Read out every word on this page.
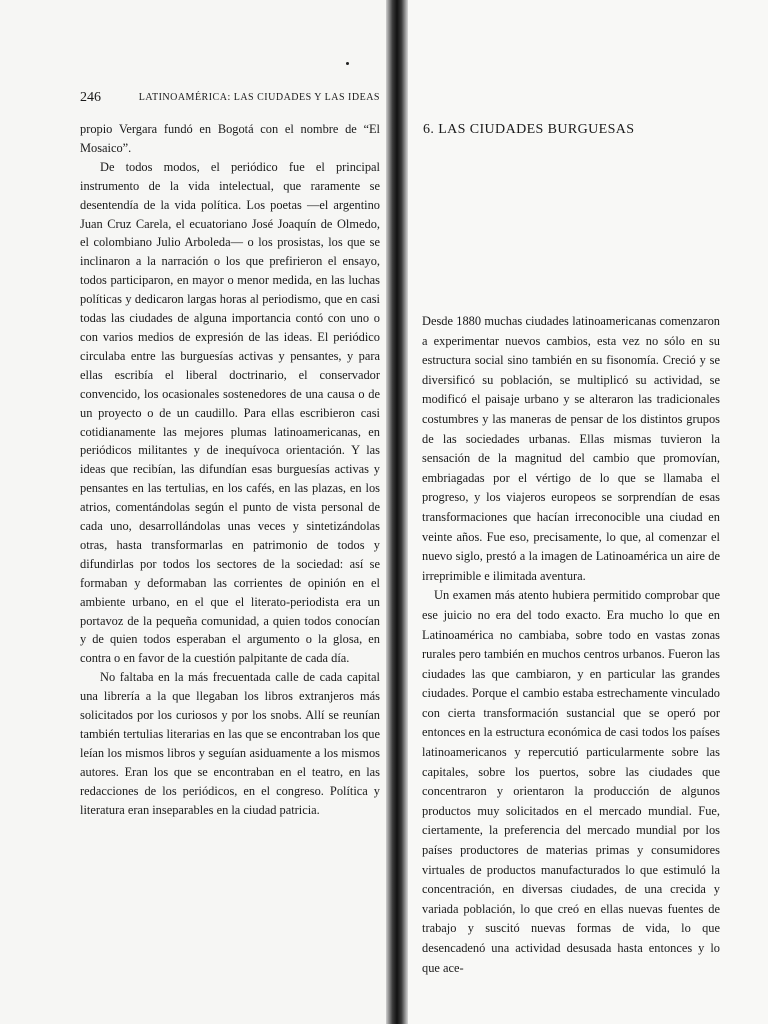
246	LATINOAMÉRICA: LAS CIUDADES Y LAS IDEAS

propio Vergara fundó en Bogotá con el nombre de “El Mosaico”.

De todos modos, el periódico fue el principal instrumento de la vida intelectual, que raramente se desentendía de la vida política. Los poetas —el argentino Juan Cruz Carela, el ecuatoriano José Joaquín de Olmedo, el colombiano Julio Arboleda— o los prosistas, los que se inclinaron a la narración o los que prefirieron el ensayo, todos participaron, en mayor o menor medida, en las luchas políticas y dedicaron largas horas al periodismo, que en casi todas las ciudades de alguna importancia contó con uno o con varios medios de expresión de las ideas. El periódico circulaba entre las burguesías activas y pensantes, y para ellas escribía el liberal doctrinario, el conservador convencido, los ocasionales sostenedores de una causa o de un proyecto o de un caudillo. Para ellas escribieron casi cotidianamente las mejores plumas latinoamericanas, en periódicos militantes y de inequívoca orientación. Y las ideas que recibían, las difundían esas burguesías activas y pensantes en las tertulias, en los cafés, en las plazas, en los atrios, comentándolas según el punto de vista personal de cada uno, desarrollándolas unas veces y sintetizándolas otras, hasta transformarlas en patrimonio de todos y difundirlas por todos los sectores de la sociedad: así se formaban y deformaban las corrientes de opinión en el ambiente urbano, en el que el literato-periodista era un portavoz de la pequeña comunidad, a quien todos conocían y de quien todos esperaban el argumento o la glosa, en contra o en favor de la cuestión palpitante de cada día.

No faltaba en la más frecuentada calle de cada capital una librería a la que llegaban los libros extranjeros más solicitados por los curiosos y por los snobs. Allí se reunían también tertulias literarias en las que se encontraban los que leían los mismos libros y seguían asiduamente a los mismos autores. Eran los que se encontraban en el teatro, en las redacciones de los periódicos, en el congreso. Política y literatura eran inseparables en la ciudad patricia.

6. LAS CIUDADES BURGUESAS

Desde 1880 muchas ciudades latinoamericanas comenzaron a experimentar nuevos cambios, esta vez no sólo en su estructura social sino también en su fisonomía. Creció y se diversificó su población, se multiplicó su actividad, se modificó el paisaje urbano y se alteraron las tradicionales costumbres y las maneras de pensar de los distintos grupos de las sociedades urbanas. Ellas mismas tuvieron la sensación de la magnitud del cambio que promovían, embriagadas por el vértigo de lo que se llamaba el progreso, y los viajeros europeos se sorprendían de esas transformaciones que hacían irreconocible una ciudad en veinte años. Fue eso, precisamente, lo que, al comenzar el nuevo siglo, prestó a la imagen de Latinoamérica un aire de irreprimible e ilimitada aventura.

Un examen más atento hubiera permitido comprobar que ese juicio no era del todo exacto. Era mucho lo que en Latinoamérica no cambiaba, sobre todo en vastas zonas rurales pero también en muchos centros urbanos. Fueron las ciudades las que cambiaron, y en particular las grandes ciudades. Porque el cambio estaba estrechamente vinculado con cierta transformación sustancial que se operó por entonces en la estructura económica de casi todos los países latinoamericanos y repercutió particularmente sobre las capitales, sobre los puertos, sobre las ciudades que concentraron y orientaron la producción de algunos productos muy solicitados en el mercado mundial. Fue, ciertamente, la preferencia del mercado mundial por los países productores de materias primas y consumidores virtuales de productos manufacturados lo que estimuló la concentración, en diversas ciudades, de una crecida y variada población, lo que creó en ellas nuevas fuentes de trabajo y suscitó nuevas formas de vida, lo que desencadenó una actividad desusada hasta entonces y lo que ace-
